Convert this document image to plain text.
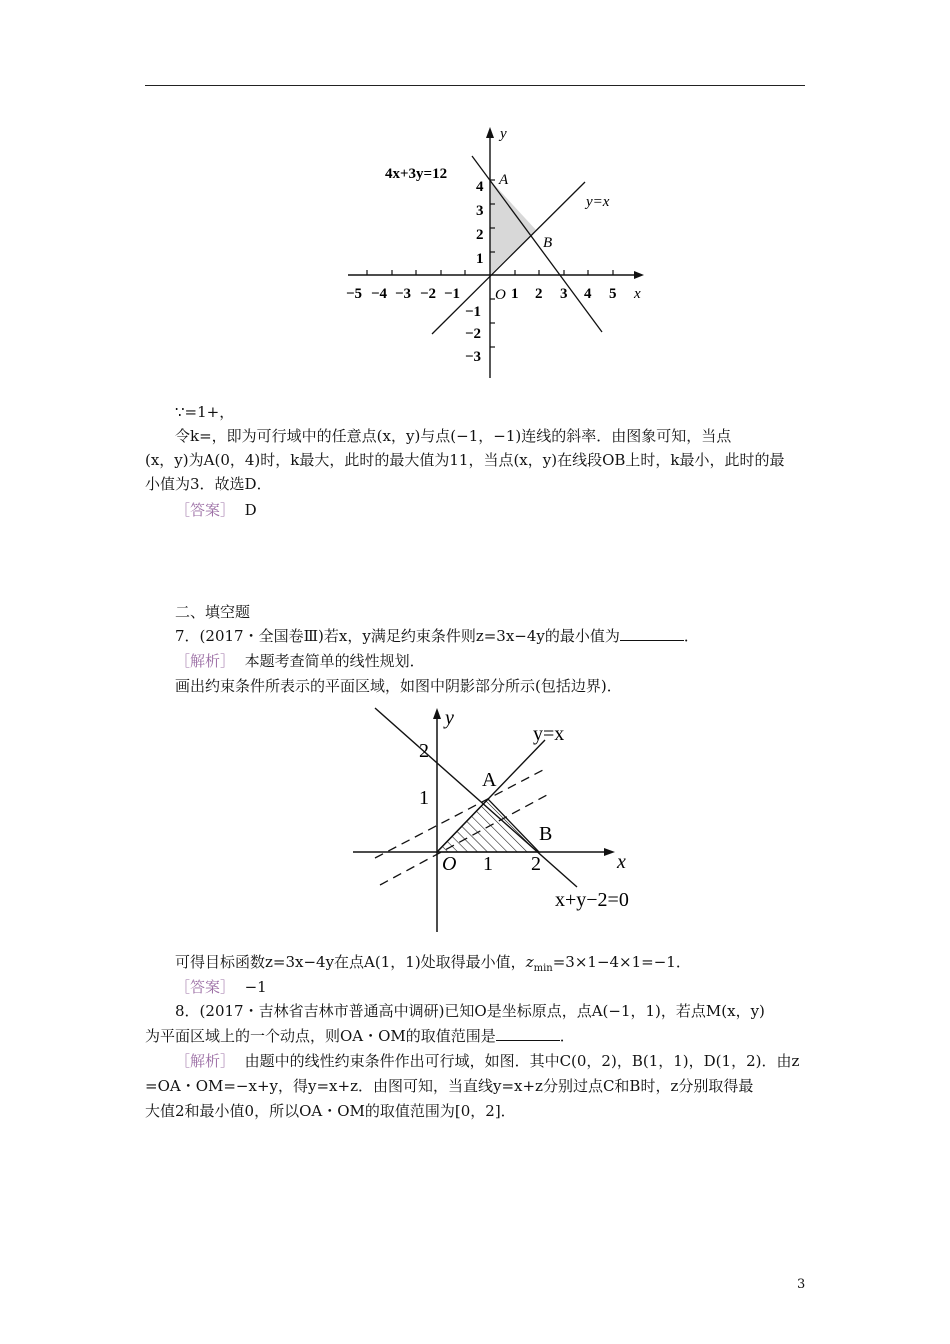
4x+3y=12
y=x
y
x
O
A
B
−5 −4 −3 −2 −1	1 2 3 4 5
4
3
2
1
−1
−2
−3
∵=1+，
令k=，即为可行域中的任意点(x，y)与点(−1，−1)连线的斜率．由图象可知，当点
(x，y)为A(0，4)时，k最大，此时的最大值为11，当点(x，y)在线段OB上时，k最小，此时的最
小值为3．故选D．
［答案］ D
二、填空题
7．(2017・全国卷Ⅲ)若x，y满足约束条件则z=3x−4y的最小值为	．
［解析］ 本题考查简单的线性规划．
画出约束条件所表示的平面区域，如图中阴影部分所示(包括边界)．
y
x
y=x
x+y−2=0
A
B
O 1 2
2
1
可得目标函数z=3x−4y在点A(1，1)处取得最小值，$z_{min}=3\times 1-4\times 1=-1$．
［答案］ −1
8．(2017・吉林省吉林市普通高中调研)已知O是坐标原点，点A(−1，1)，若点M(x，y)
为平面区域上的一个动点，则OA・OM的取值范围是	．
［解析］ 由题中的线性约束条件作出可行域，如图．其中C(0，2)，B(1，1)，D(1，2)．由z
=OA・OM=−x+y，得y=x+z．由图可知，当直线y=x+z分别过点C和B时，z分别取得最
大值2和最小值0，所以OA・OM的取值范围为[0，2]．
3
